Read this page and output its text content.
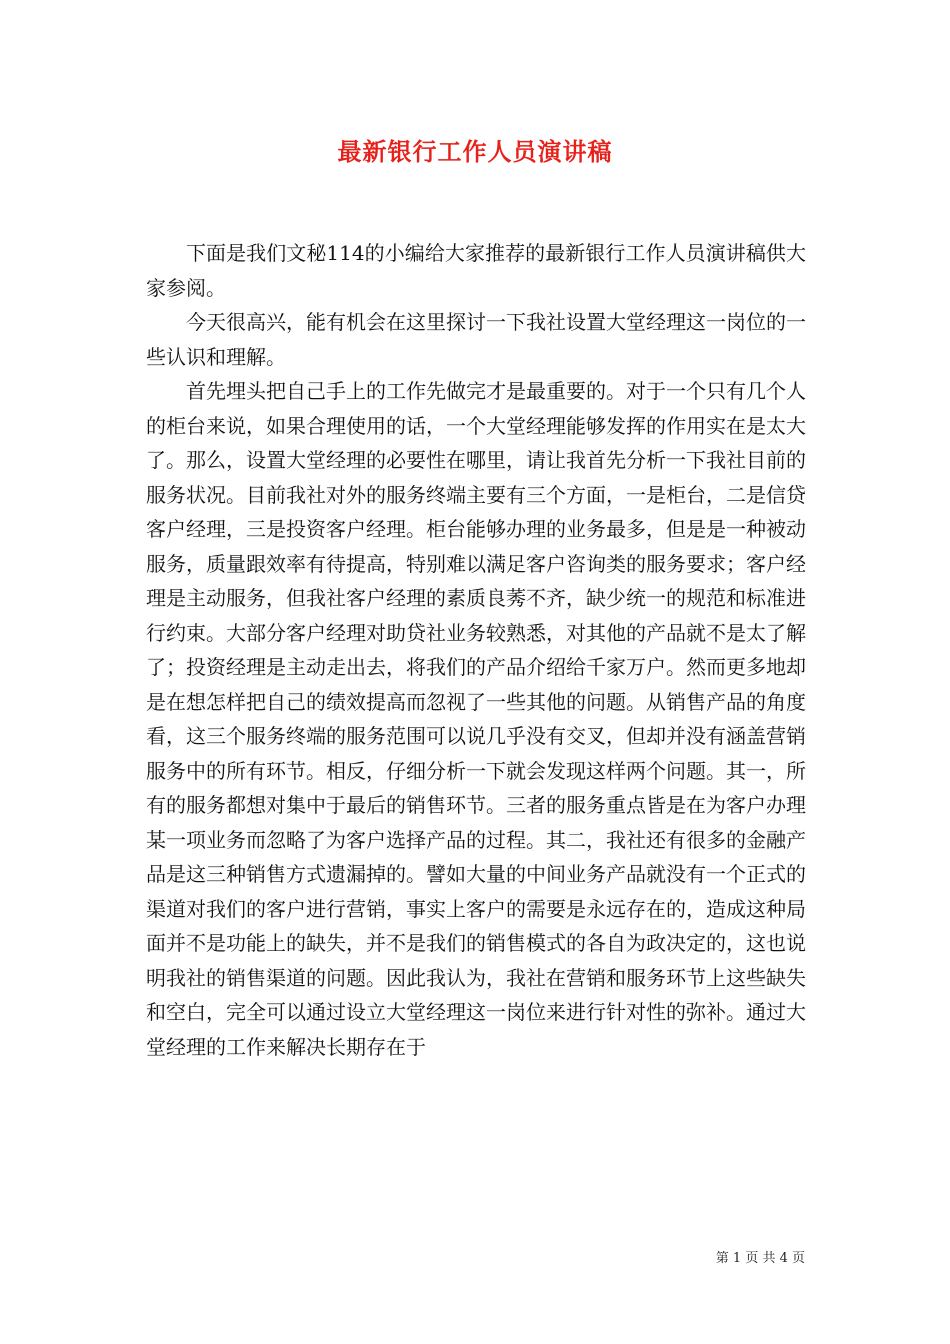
最新银行工作人员演讲稿

下面是我们文秘114的小编给大家推荐的最新银行工作人员演讲稿供大家参阅。

今天很高兴，能有机会在这里探讨一下我社设置大堂经理这一岗位的一些认识和理解。

首先埋头把自己手上的工作先做完才是最重要的。对于一个只有几个人的柜台来说，如果合理使用的话，一个大堂经理能够发挥的作用实在是太大了。那么，设置大堂经理的必要性在哪里，请让我首先分析一下我社目前的服务状况。目前我社对外的服务终端主要有三个方面，一是柜台，二是信贷客户经理，三是投资客户经理。柜台能够办理的业务最多，但是是一种被动服务，质量跟效率有待提高，特别难以满足客户咨询类的服务要求；客户经理是主动服务，但我社客户经理的素质良莠不齐，缺少统一的规范和标准进行约束。大部分客户经理对助贷社业务较熟悉，对其他的产品就不是太了解了；投资经理是主动走出去，将我们的产品介绍给千家万户。然而更多地却是在想怎样把自己的绩效提高而忽视了一些其他的问题。从销售产品的角度看，这三个服务终端的服务范围可以说几乎没有交叉，但却并没有涵盖营销服务中的所有环节。相反，仔细分析一下就会发现这样两个问题。其一，所有的服务都想对集中于最后的销售环节。三者的服务重点皆是在为客户办理某一项业务而忽略了为客户选择产品的过程。其二，我社还有很多的金融产品是这三种销售方式遗漏掉的。譬如大量的中间业务产品就没有一个正式的渠道对我们的客户进行营销，事实上客户的需要是永远存在的，造成这种局面并不是功能上的缺失，并不是我们的销售模式的各自为政决定的，这也说明我社的销售渠道的问题。因此我认为，我社在营销和服务环节上这些缺失和空白，完全可以通过设立大堂经理这一岗位来进行针对性的弥补。通过大堂经理的工作来解决长期存在于

第 1 页 共 4 页
